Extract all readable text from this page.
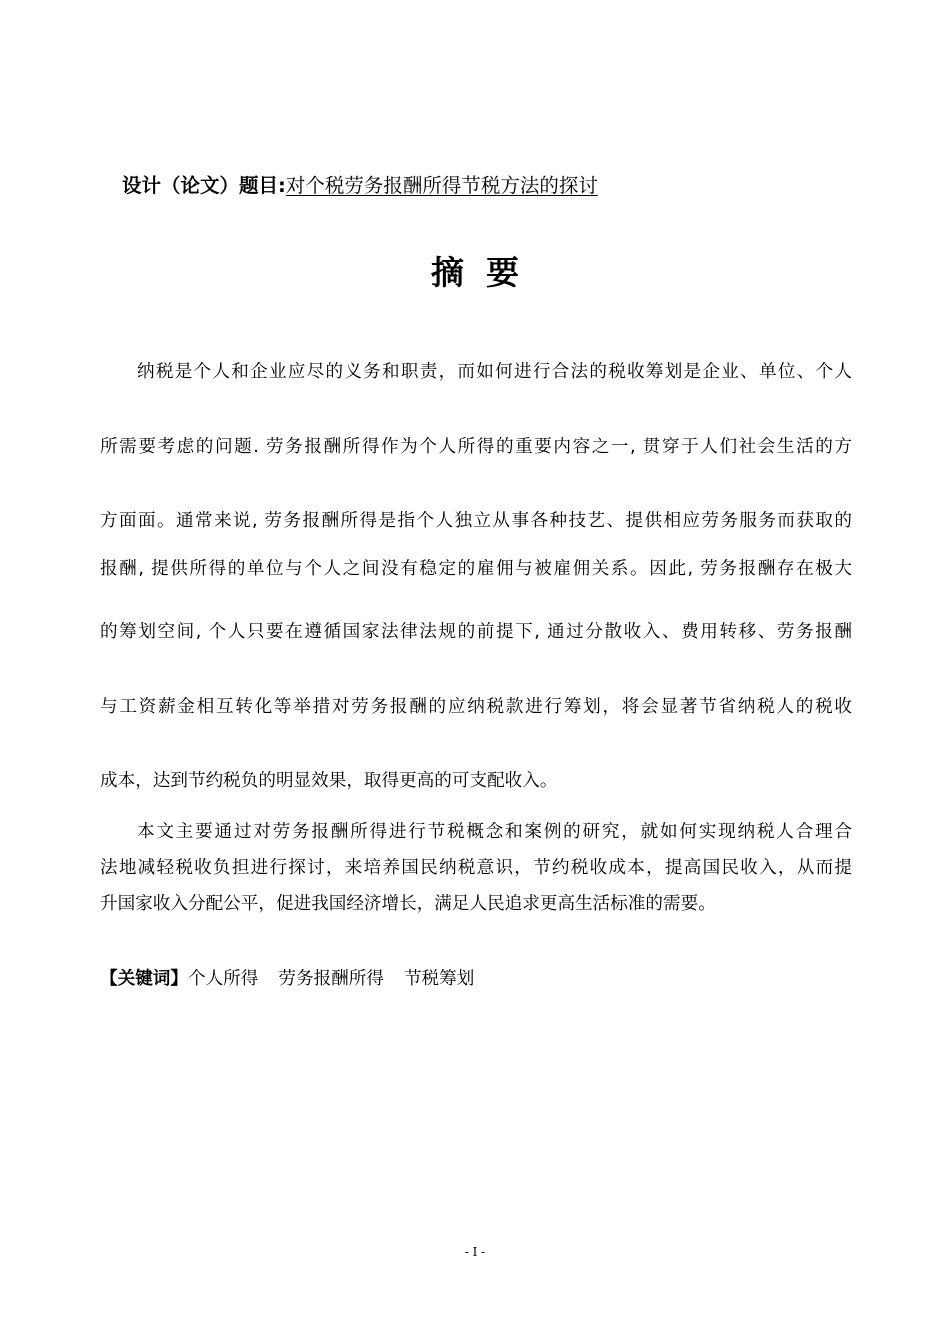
设计（论文）题目:对个税劳务报酬所得节税方法的探讨
摘要
纳税是个人和企业应尽的义务和职责，而如何进行合法的税收筹划是企业、单位、个人
所需要考虑的问题. 劳务报酬所得作为个人所得的重要内容之一, 贯穿于人们社会生活的方
方面面。通常来说, 劳务报酬所得是指个人独立从事各种技艺、提供相应劳务服务而获取的
报酬, 提供所得的单位与个人之间没有稳定的雇佣与被雇佣关系。因此, 劳务报酬存在极大
的筹划空间, 个人只要在遵循国家法律法规的前提下, 通过分散收入、费用转移、劳务报酬
与工资薪金相互转化等举措对劳务报酬的应纳税款进行筹划，将会显著节省纳税人的税收
成本，达到节约税负的明显效果，取得更高的可支配收入。
本文主要通过对劳务报酬所得进行节税概念和案例的研究，就如何实现纳税人合理合
法地减轻税收负担进行探讨，来培养国民纳税意识，节约税收成本，提高国民收入，从而提
升国家收入分配公平，促进我国经济增长，满足人民追求更高生活标准的需要。
【关键词】个人所得 劳务报酬所得 节税筹划
- I -
